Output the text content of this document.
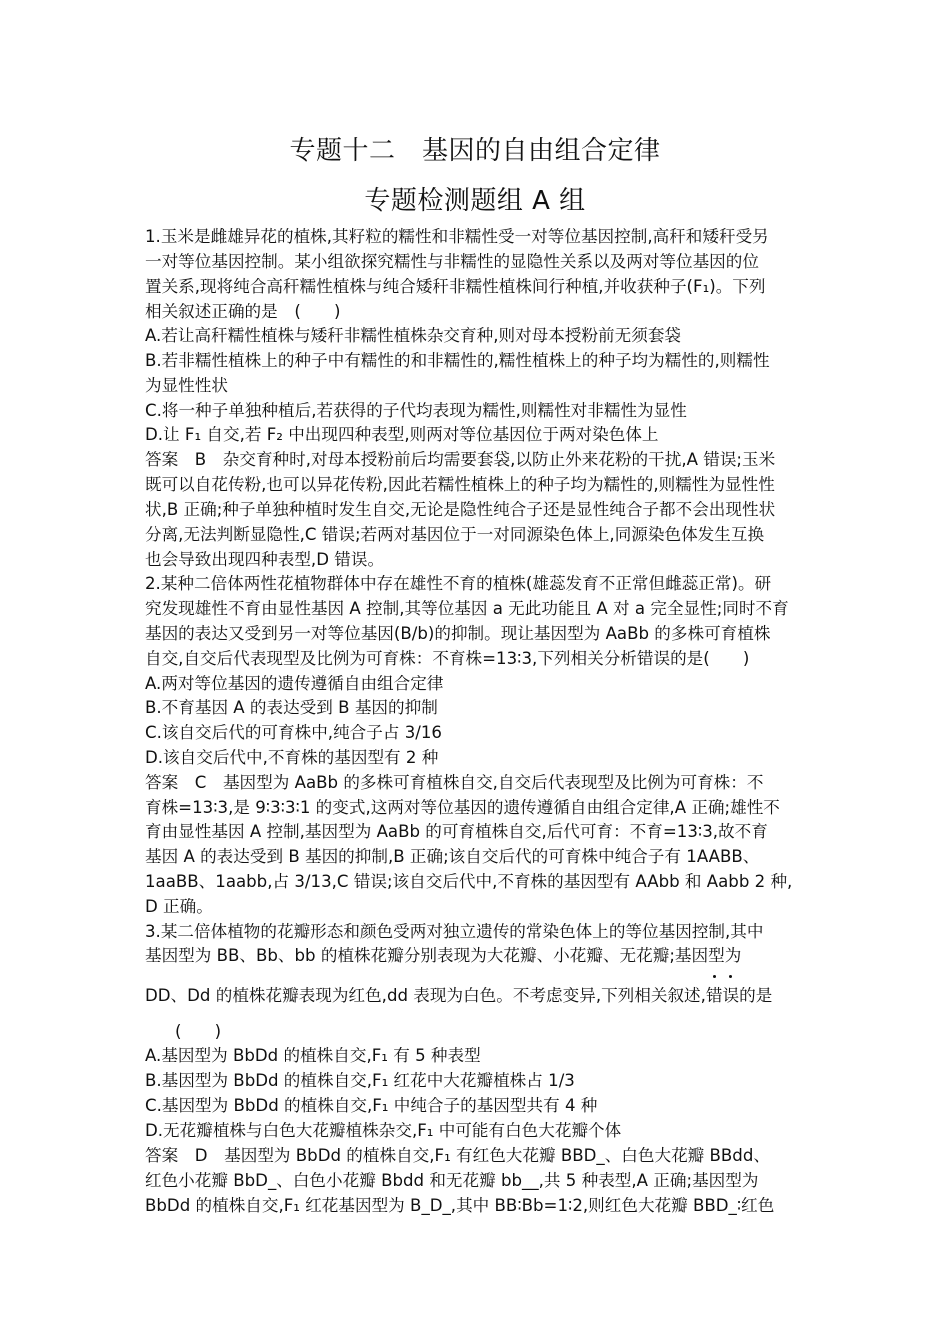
专题十二　基因的自由组合定律
专题检测题组 A 组
1.玉米是雌雄异花的植株,其籽粒的糯性和非糯性受一对等位基因控制,高秆和矮秆受另
一对等位基因控制。某小组欲探究糯性与非糯性的显隐性关系以及两对等位基因的位
置关系,现将纯合高秆糯性植株与纯合矮秆非糯性植株间行种植,并收获种子(F₁)。下列
相关叙述正确的是　(　　)
A.若让高秆糯性植株与矮秆非糯性植株杂交育种,则对母本授粉前无须套袋
B.若非糯性植株上的种子中有糯性的和非糯性的,糯性植株上的种子均为糯性的,则糯性
为显性性状
C.将一种子单独种植后,若获得的子代均表现为糯性,则糯性对非糯性为显性
D.让 F₁ 自交,若 F₂ 中出现四种表型,则两对等位基因位于两对染色体上
答案　B　杂交育种时,对母本授粉前后均需要套袋,以防止外来花粉的干扰,A 错误;玉米
既可以自花传粉,也可以异花传粉,因此若糯性植株上的种子均为糯性的,则糯性为显性性
状,B 正确;种子单独种植时发生自交,无论是隐性纯合子还是显性纯合子都不会出现性状
分离,无法判断显隐性,C 错误;若两对基因位于一对同源染色体上,同源染色体发生互换
也会导致出现四种表型,D 错误。
2.某种二倍体两性花植物群体中存在雄性不育的植株(雄蕊发育不正常但雌蕊正常)。研
究发现雄性不育由显性基因 A 控制,其等位基因 a 无此功能且 A 对 a 完全显性;同时不育
基因的表达又受到另一对等位基因(B/b)的抑制。现让基因型为 AaBb 的多株可育植株
自交,自交后代表现型及比例为可育株：不育株=13∶3,下列相关分析错误的是(　　)
A.两对等位基因的遗传遵循自由组合定律
B.不育基因 A 的表达受到 B 基因的抑制
C.该自交后代的可育株中,纯合子占 3/16
D.该自交后代中,不育株的基因型有 2 种
答案　C　基因型为 AaBb 的多株可育植株自交,自交后代表现型及比例为可育株：不
育株=13∶3,是 9∶3∶3∶1 的变式,这两对等位基因的遗传遵循自由组合定律,A 正确;雄性不
育由显性基因 A 控制,基因型为 AaBb 的可育植株自交,后代可育：不育=13∶3,故不育
基因 A 的表达受到 B 基因的抑制,B 正确;该自交后代的可育株中纯合子有 1AABB、
1aaBB、1aabb,占 3/13,C 错误;该自交后代中,不育株的基因型有 AAbb 和 Aabb 2 种,
D 正确。
3.某二倍体植物的花瓣形态和颜色受两对独立遗传的常染色体上的等位基因控制,其中
基因型为 BB、Bb、bb 的植株花瓣分别表现为大花瓣、小花瓣、无花瓣;基因型为
DD、Dd 的植株花瓣表现为红色,dd 表现为白色。不考虑变异,下列相关叙述,错误的是
(　　)
A.基因型为 BbDd 的植株自交,F₁ 有 5 种表型
B.基因型为 BbDd 的植株自交,F₁ 红花中大花瓣植株占 1/3
C.基因型为 BbDd 的植株自交,F₁ 中纯合子的基因型共有 4 种
D.无花瓣植株与白色大花瓣植株杂交,F₁ 中可能有白色大花瓣个体
答案　D　基因型为 BbDd 的植株自交,F₁ 有红色大花瓣 BBD_、白色大花瓣 BBdd、
红色小花瓣 BbD_、白色小花瓣 Bbdd 和无花瓣 bb__,共 5 种表型,A 正确;基因型为
BbDd 的植株自交,F₁ 红花基因型为 B_D_,其中 BB∶Bb=1∶2,则红色大花瓣 BBD_∶红色
